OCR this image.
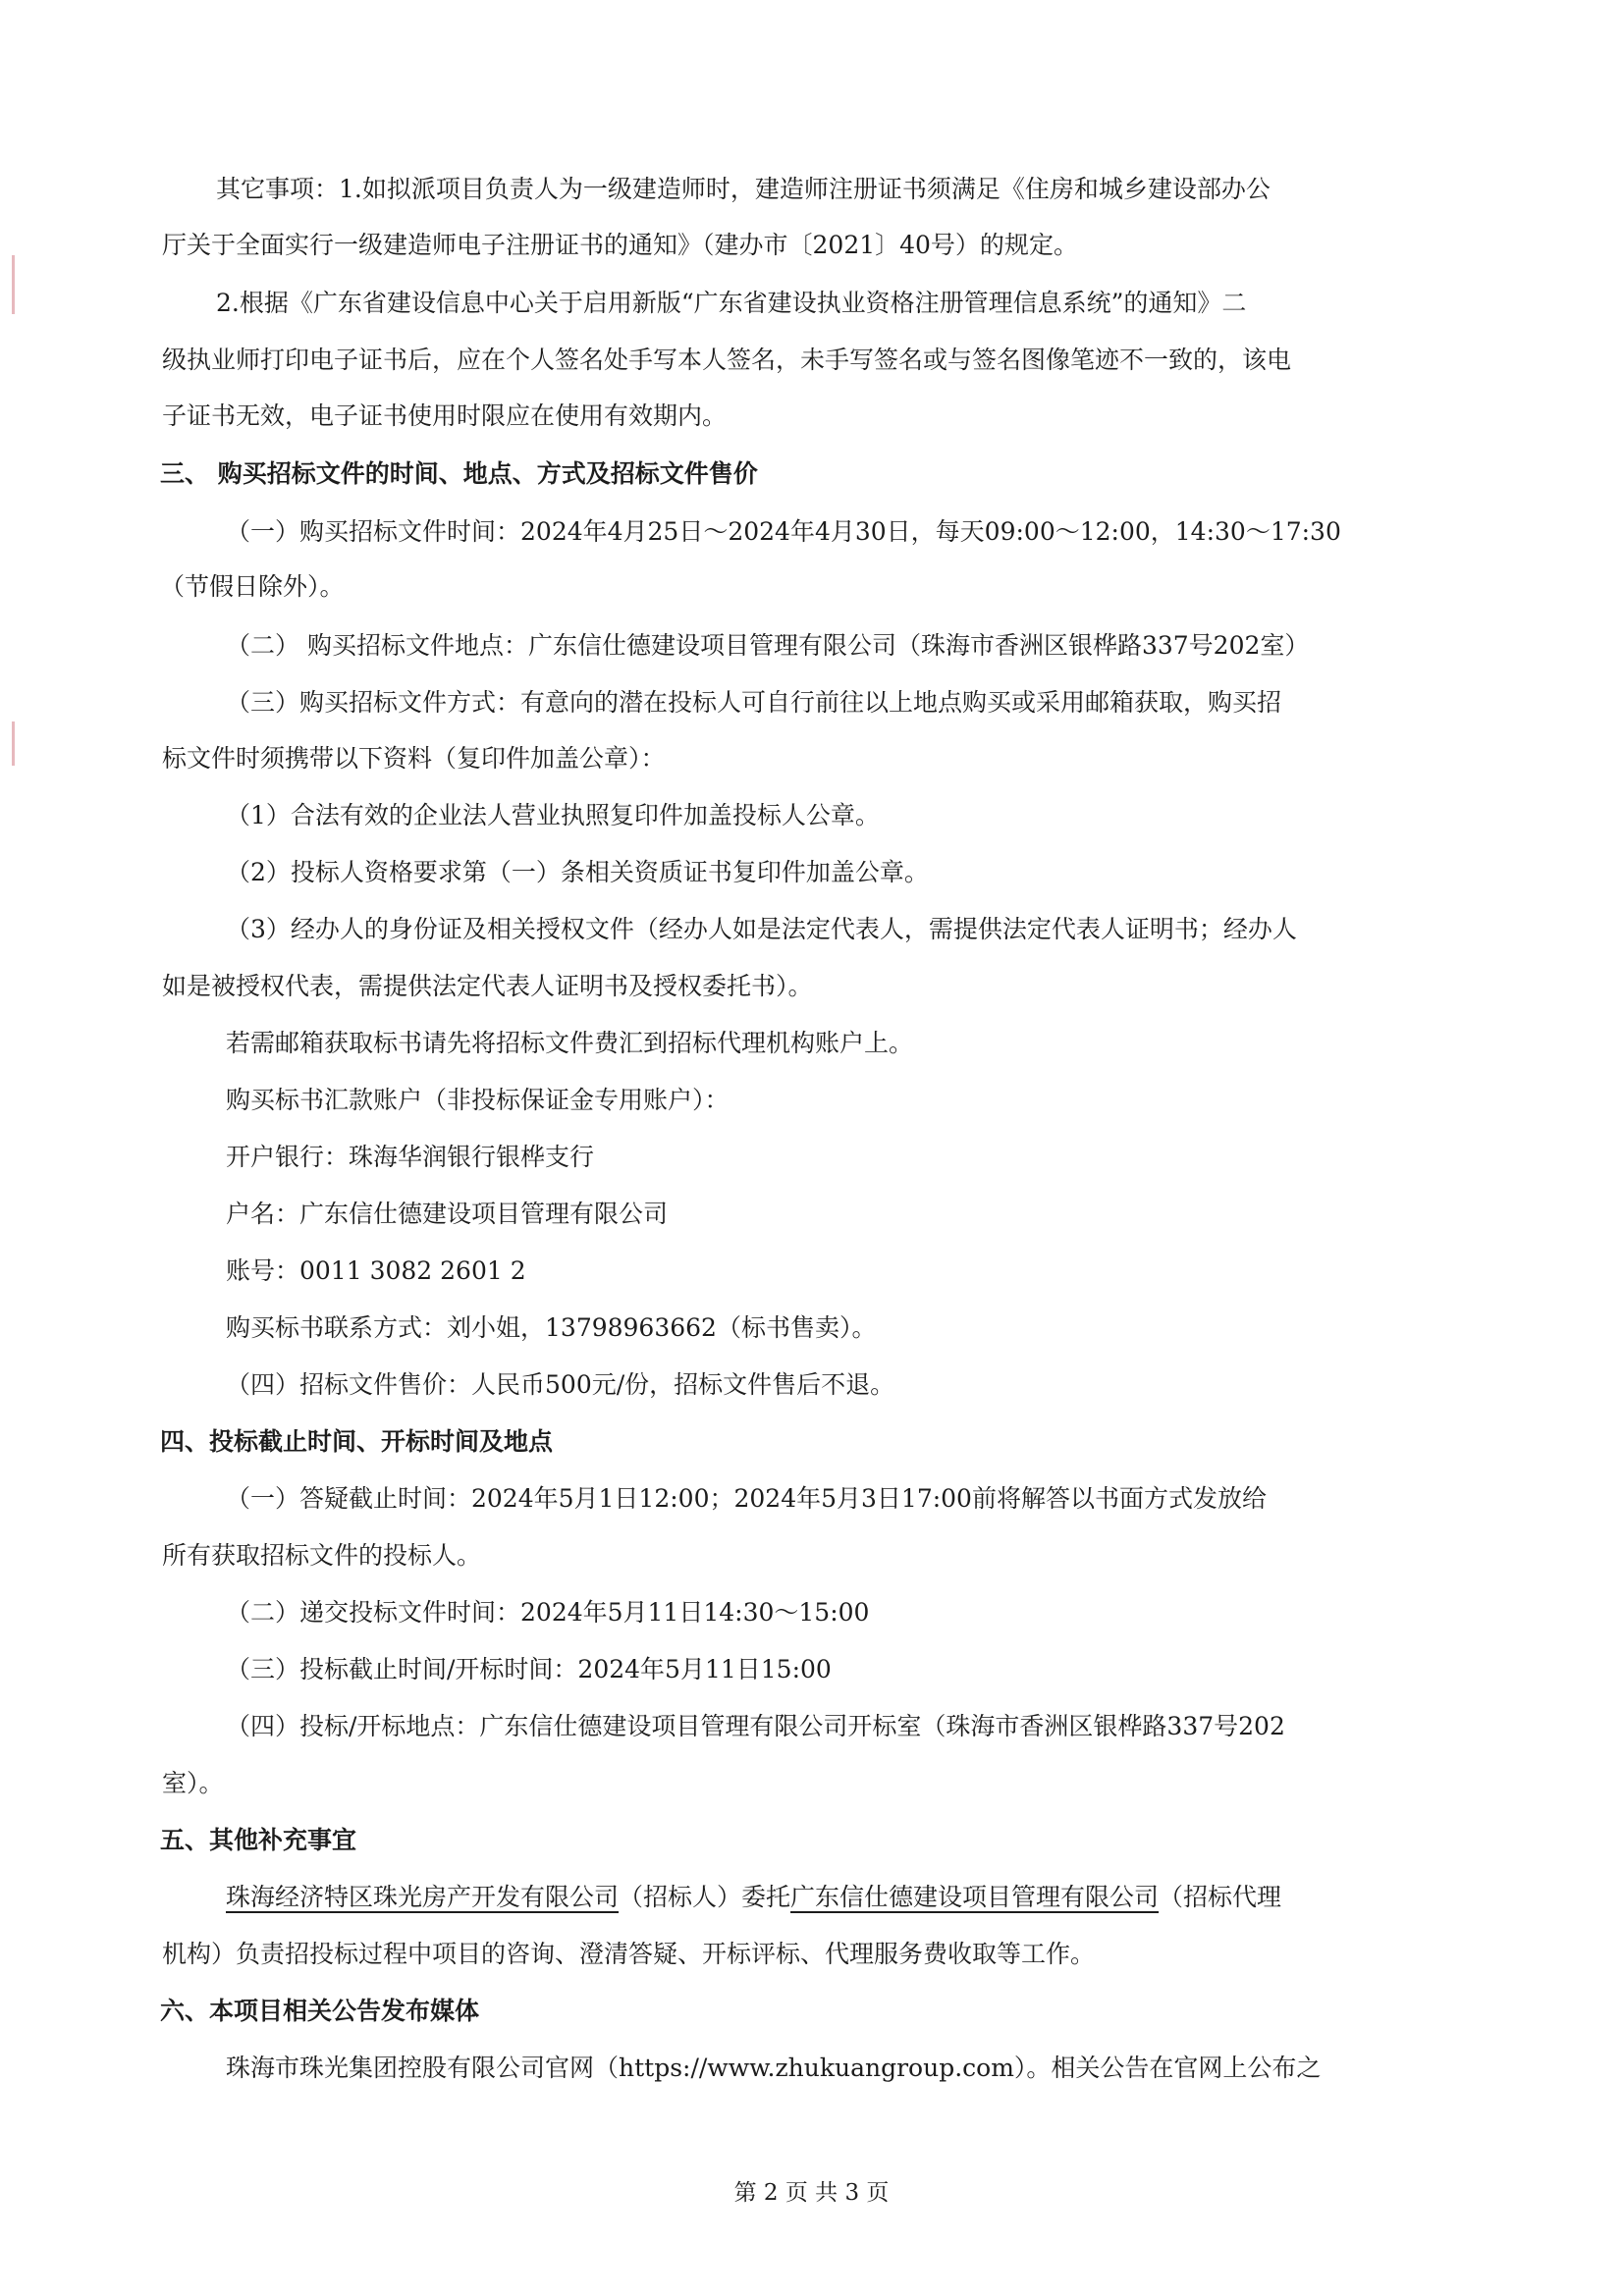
其它事项：1.如拟派项目负责人为一级建造师时，建造师注册证书须满足《住房和城乡建设部办公
厅关于全面实行一级建造师电子注册证书的通知》（建办市〔2021〕40号）的规定。
2.根据《广东省建设信息中心关于启用新版“广东省建设执业资格注册管理信息系统”的通知》二
级执业师打印电子证书后，应在个人签名处手写本人签名，未手写签名或与签名图像笔迹不一致的，该电
子证书无效，电子证书使用时限应在使用有效期内。
三、 购买招标文件的时间、地点、方式及招标文件售价
（一）购买招标文件时间：2024年4月25日～2024年4月30日，每天09:00～12:00，14:30～17:30
（节假日除外）。
（二） 购买招标文件地点：广东信仕德建设项目管理有限公司（珠海市香洲区银桦路337号202室）
（三）购买招标文件方式：有意向的潜在投标人可自行前往以上地点购买或采用邮箱获取，购买招
标文件时须携带以下资料（复印件加盖公章）：
（1）合法有效的企业法人营业执照复印件加盖投标人公章。
（2）投标人资格要求第（一）条相关资质证书复印件加盖公章。
（3）经办人的身份证及相关授权文件（经办人如是法定代表人，需提供法定代表人证明书；经办人
如是被授权代表，需提供法定代表人证明书及授权委托书）。
若需邮箱获取标书请先将招标文件费汇到招标代理机构账户上。
购买标书汇款账户（非投标保证金专用账户）：
开户银行：珠海华润银行银桦支行
户名：广东信仕德建设项目管理有限公司
账号：0011 3082 2601 2
购买标书联系方式：刘小姐，13798963662（标书售卖）。
（四）招标文件售价：人民币500元/份，招标文件售后不退。
四、投标截止时间、开标时间及地点
（一）答疑截止时间：2024年5月1日12:00；2024年5月3日17:00前将解答以书面方式发放给
所有获取招标文件的投标人。
（二）递交投标文件时间：2024年5月11日14:30～15:00
（三）投标截止时间/开标时间：2024年5月11日15:00
（四）投标/开标地点：广东信仕德建设项目管理有限公司开标室（珠海市香洲区银桦路337号202
室）。
五、其他补充事宜
珠海经济特区珠光房产开发有限公司（招标人）委托广东信仕德建设项目管理有限公司（招标代理
机构）负责招投标过程中项目的咨询、澄清答疑、开标评标、代理服务费收取等工作。
六、本项目相关公告发布媒体
珠海市珠光集团控股有限公司官网（https://www.zhukuangroup.com）。相关公告在官网上公布之
第 2 页 共 3 页
